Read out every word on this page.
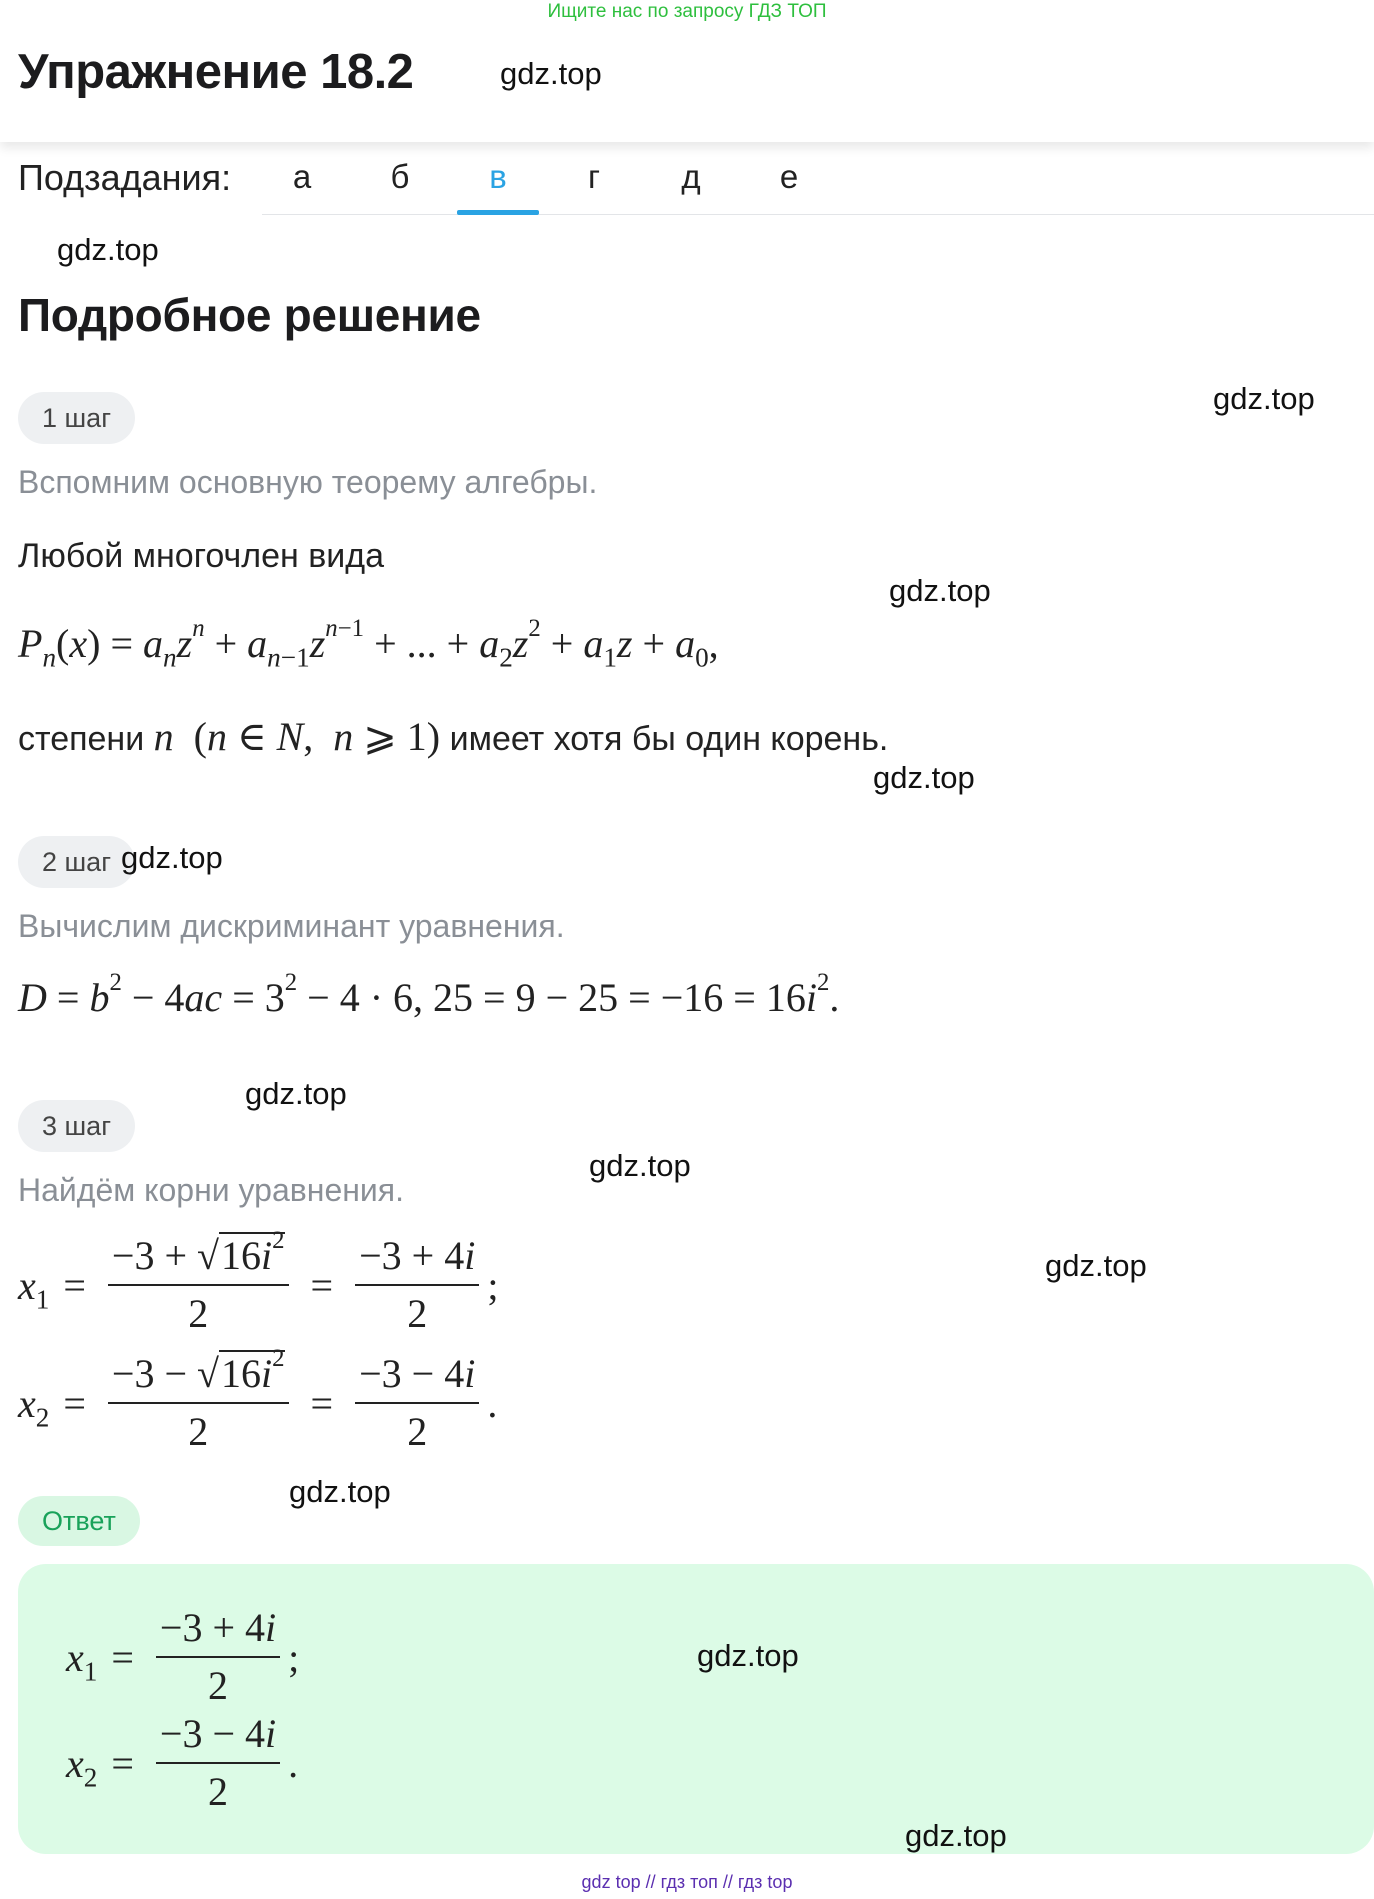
Ищите нас по запросу ГДЗ ТОП
Упражнение 18.2	gdz.top
Подзадания:	а	б	в	г	д	е
gdz.top
Подробное решение
gdz.top
1 шаг
Вспомним основную теорему алгебры.
Любой многочлен вида
gdz.top
$P_n(x) = a_nz^n + a_{n-1}z^{n-1}$ + ... + $a_2z^2 + a_1z + a_0$,
степени n  (n ∈ N,  n ⩾ 1) имеет хотя бы один корень.
gdz.top
2 шаг gdz.top
Вычислим дискриминант уравнения.
$D = b^2 - 4ac = 3^2 - 4 \cdot 6$, $25 = 9 - 25 = -16 = 16i^2$.
gdz.top
3 шаг
gdz.top
Найдём корни уравнения.
gdz.top
$x_1 = \frac{-3 + √16i^2}{2} = \frac{-3 + 4i}{2}$ ;
$x_2 = \frac{-3 - √16i^2}{2} = \frac{-3 - 4i}{2}$ .
gdz.top
Ответ
$x_1 = \frac{-3 + 4i}{2}$ ;
$x_2 = \frac{-3 - 4i}{2}$ .
gdz.top
gdz.top
gdz top // гдз топ // гдз top
